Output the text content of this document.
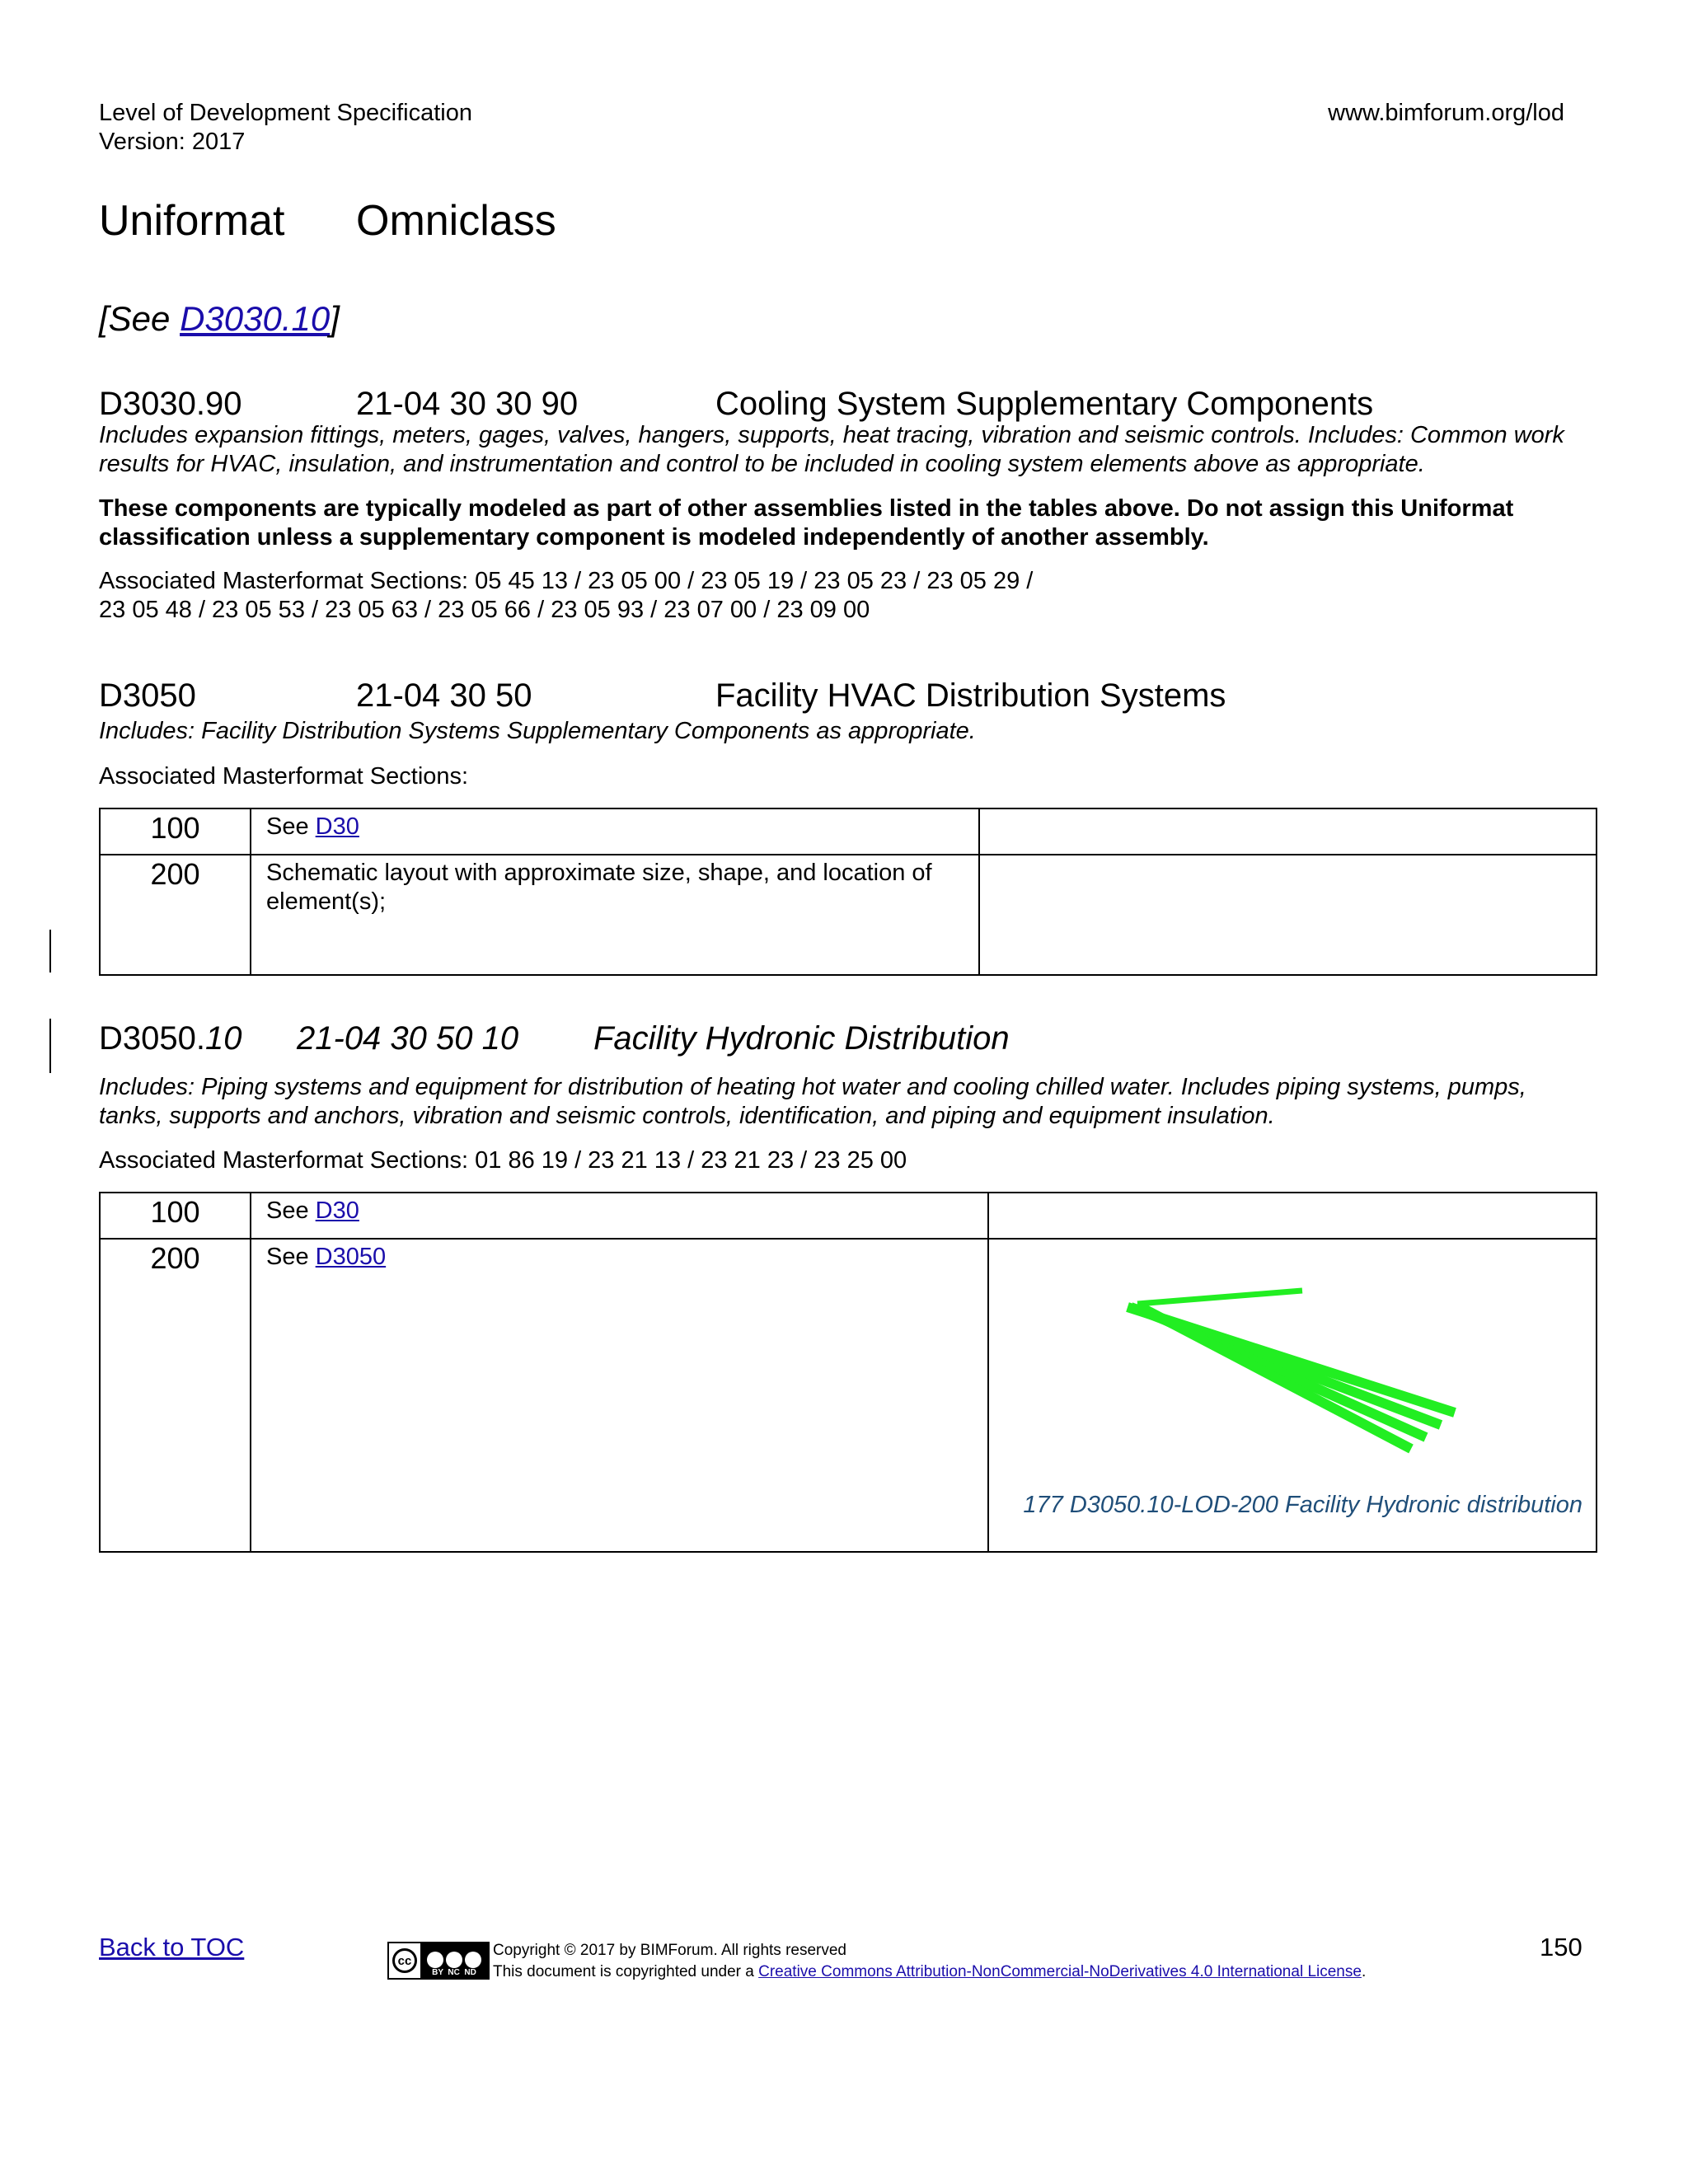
Level of Development Specification
Version: 2017
www.bimforum.org/lod
Uniformat Omniclass
[See D3030.10]
D3030.90	21-04 30 30 90	Cooling System Supplementary Components
Includes expansion fittings, meters, gages, valves, hangers, supports, heat tracing, vibration and seismic controls. Includes: Common work results for HVAC, insulation, and instrumentation and control to be included in cooling system elements above as appropriate.
These components are typically modeled as part of other assemblies listed in the tables above. Do not assign this Uniformat classification unless a supplementary component is modeled independently of another assembly.
Associated Masterformat Sections: 05 45 13 / 23 05 00 / 23 05 19 / 23 05 23 / 23 05 29 /
23 05 48 / 23 05 53 / 23 05 63 / 23 05 66 / 23 05 93 / 23 07 00 / 23 09 00
D3050	21-04 30 50	Facility HVAC Distribution Systems
Includes: Facility Distribution Systems Supplementary Components as appropriate.
Associated Masterformat Sections:
100	See D30	
200	Schematic layout with approximate size, shape, and location of element(s);	
D3050.10 21-04 30 50 10 Facility Hydronic Distribution
Includes: Piping systems and equipment for distribution of heating hot water and cooling chilled water. Includes piping systems, pumps, tanks, supports and anchors, vibration and seismic controls, identification, and piping and equipment insulation.
Associated Masterformat Sections: 01 86 19 / 23 21 13 / 23 21 23 / 23 25 00
100	See D30	
200	See D3050	177 D3050.10-LOD-200 Facility Hydronic distribution
Back to TOC	cc
BY  NC  ND
Copyright © 2017 by BIMForum. All rights reserved
This document is copyrighted under a Creative Commons Attribution-NonCommercial-NoDerivatives 4.0 International License.
150
